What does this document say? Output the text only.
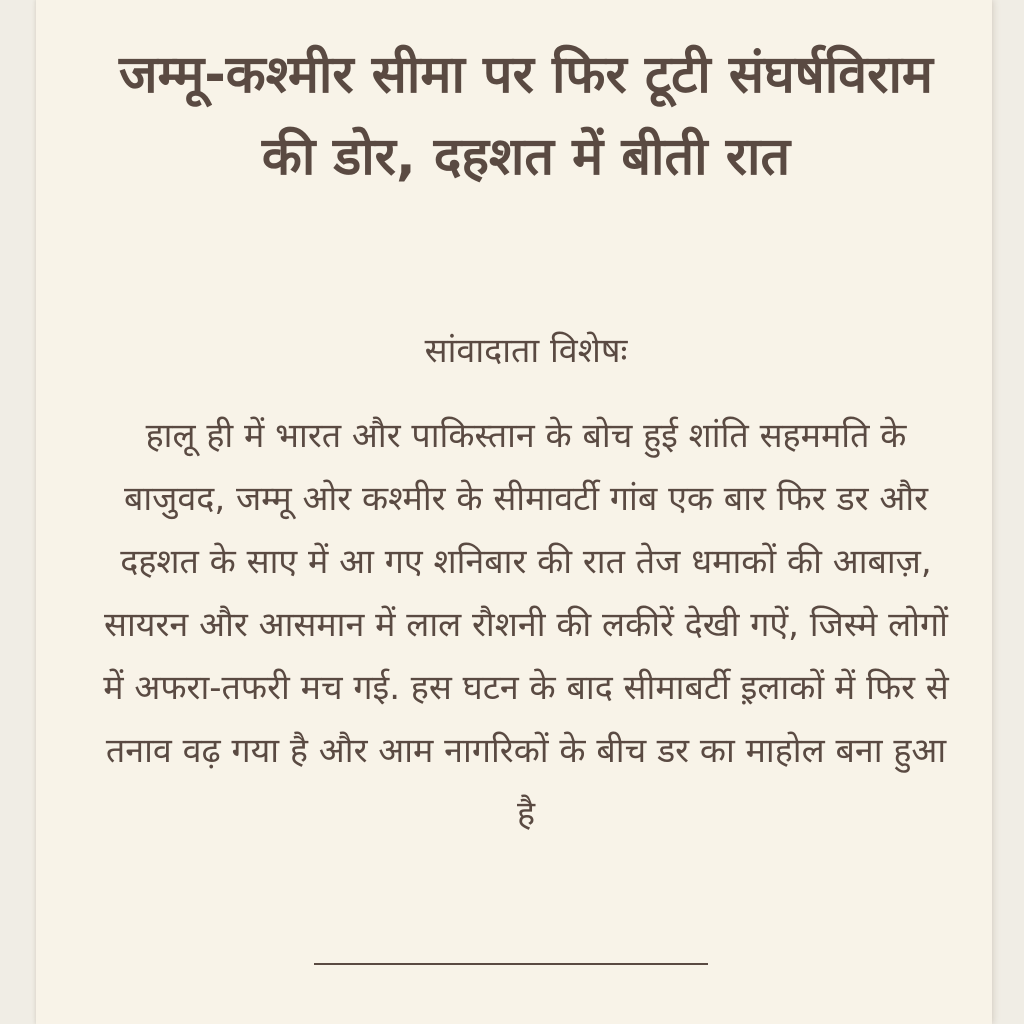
जम्मू-कश्मीर सीमा पर फिर टूटी संघर्षविराम की डोर, दहशत में बीती रात

सांवादाता विशेषः

हालू ही में भारत और पाकिस्तान के बोच हुई शांति सहममति के बाजुवद, जम्मू ओर कश्मीर के सीमावर्टी गांब एक बार फिर डर और दहशत के साए में आ गए शनिबार की रात तेज धमाकों की आबाज़, सायरन और आसमान में लाल रौशनी की लकीरें देखी गऐं, जिस्मे लोगों में अफरा-तफरी मच गई. हस घटन के बाद सीमाबर्टी इ़लाकों में फिर से तनाव वढ़ गया है और आम नागरिकों के बीच डर का माहोल बना हुआ है
